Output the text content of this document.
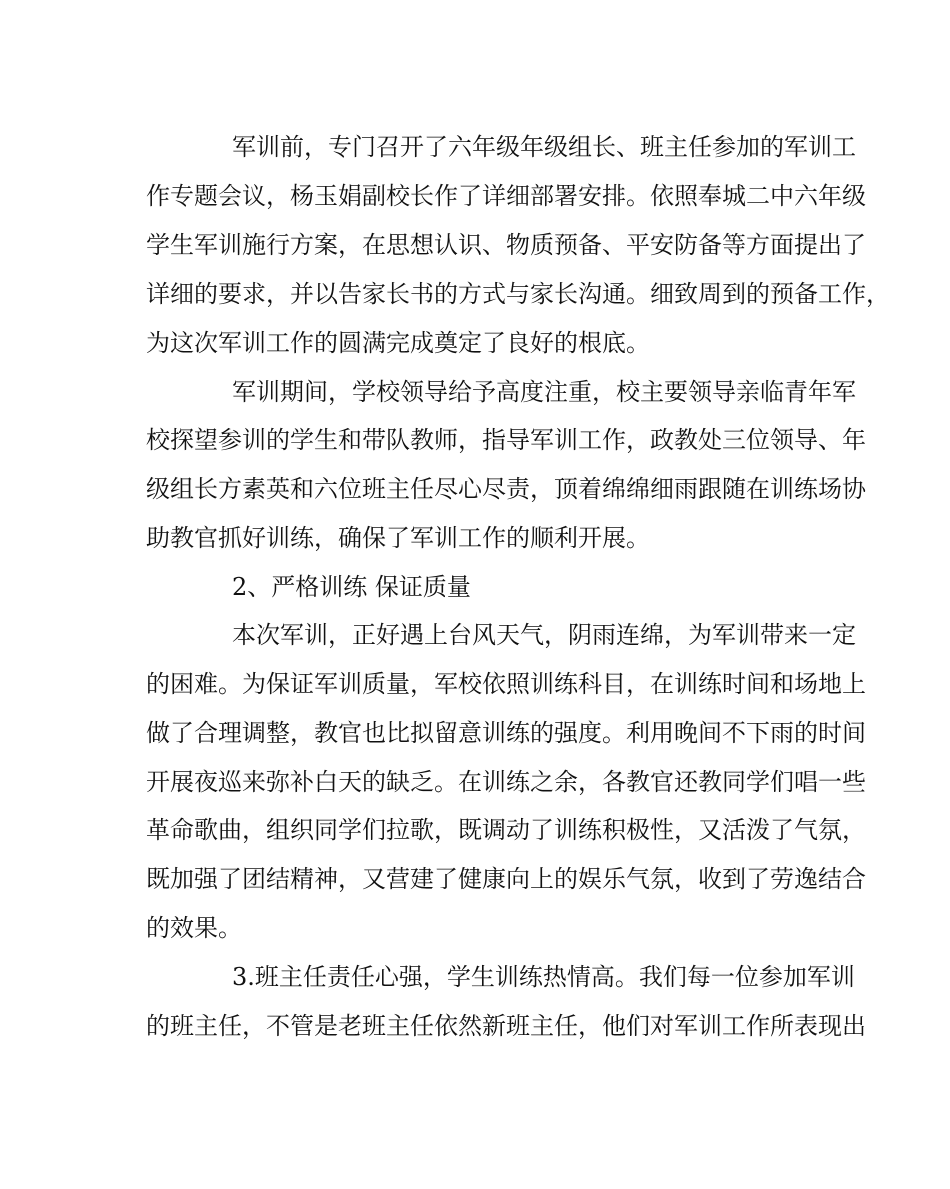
军训前，专门召开了六年级年级组长、班主任参加的军训工

作专题会议，杨玉娟副校长作了详细部署安排。依照奉城二中六年级

学生军训施行方案，在思想认识、物质预备、平安防备等方面提出了

详细的要求，并以告家长书的方式与家长沟通。细致周到的预备工作，

为这次军训工作的圆满完成奠定了良好的根底。

军训期间，学校领导给予高度注重，校主要领导亲临青年军

校探望参训的学生和带队教师，指导军训工作，政教处三位领导、年

级组长方素英和六位班主任尽心尽责，顶着绵绵细雨跟随在训练场协

助教官抓好训练，确保了军训工作的顺利开展。

2、严格训练 保证质量

本次军训，正好遇上台风天气，阴雨连绵，为军训带来一定

的困难。为保证军训质量，军校依照训练科目，在训练时间和场地上

做了合理调整，教官也比拟留意训练的强度。利用晚间不下雨的时间

开展夜巡来弥补白天的缺乏。在训练之余，各教官还教同学们唱一些

革命歌曲，组织同学们拉歌，既调动了训练积极性，又活泼了气氛，

既加强了团结精神，又营建了健康向上的娱乐气氛，收到了劳逸结合

的效果。

3.班主任责任心强，学生训练热情高。我们每一位参加军训

的班主任，不管是老班主任依然新班主任，他们对军训工作所表现出
